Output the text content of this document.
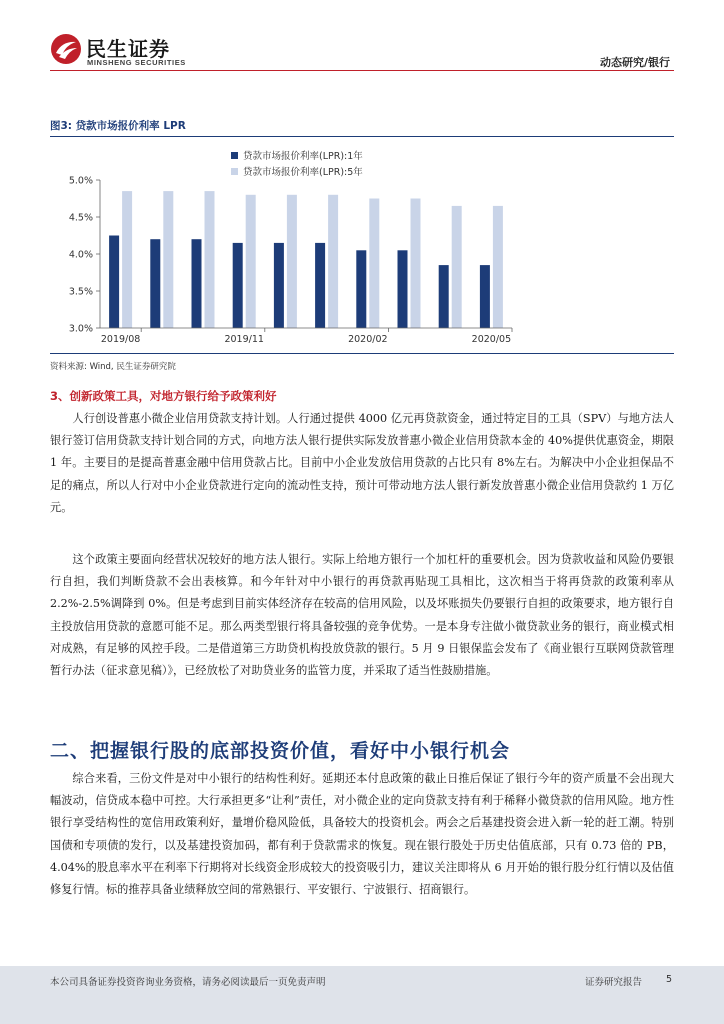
民生证券
MINSHENG SECURITIES	动态研究/银行
图3: 贷款市场报价利率 LPR
贷款市场报价利率(LPR):1年
贷款市场报价利率(LPR):5年
3.0%
3.5%
4.0%
4.5%
5.0%
2019/08	2019/11	2020/02	2020/05
资料来源: Wind, 民生证券研究院
3、创新政策工具，对地方银行给予政策利好
人行创设普惠小微企业信用贷款支持计划。人行通过提供 4000 亿元再贷款资金，通过特定目的工具（SPV）与地方法人银行签订信用贷款支持计划合同的方式，向地方法人银行提供实际发放普惠小微企业信用贷款本金的 40%提供优惠资金，期限 1 年。主要目的是提高普惠金融中信用贷款占比。目前中小企业发放信用贷款的占比只有 8%左右。为解决中小企业担保品不足的痛点，所以人行对中小企业贷款进行定向的流动性支持，预计可带动地方法人银行新发放普惠小微企业信用贷款约 1 万亿元。
这个政策主要面向经营状况较好的地方法人银行。实际上给地方银行一个加杠杆的重要机会。因为贷款收益和风险仍要银行自担，我们判断贷款不会出表核算。和今年针对中小银行的再贷款再贴现工具相比，这次相当于将再贷款的政策利率从 2.2%-2.5%调降到 0%。但是考虑到目前实体经济存在较高的信用风险，以及坏账损失仍要银行自担的政策要求，地方银行自主投放信用贷款的意愿可能不足。那么两类型银行将具备较强的竞争优势。一是本身专注做小微贷款业务的银行，商业模式相对成熟，有足够的风控手段。二是借道第三方助贷机构投放贷款的银行。5 月 9 日银保监会发布了《商业银行互联网贷款管理暂行办法（征求意见稿）》，已经放松了对助贷业务的监管力度，并采取了适当性鼓励措施。
二、把握银行股的底部投资价值，看好中小银行机会
综合来看，三份文件是对中小银行的结构性利好。延期还本付息政策的截止日推后保证了银行今年的资产质量不会出现大幅波动，信贷成本稳中可控。大行承担更多“让利”责任，对小微企业的定向贷款支持有利于稀释小微贷款的信用风险。地方性银行享受结构性的宽信用政策利好，量增价稳风险低，具备较大的投资机会。两会之后基建投资会进入新一轮的赶工潮。特别国债和专项债的发行，以及基建投资加码，都有利于贷款需求的恢复。现在银行股处于历史估值底部，只有 0.73 倍的 PB，4.04%的股息率水平在利率下行期将对长线资金形成较大的投资吸引力，建议关注即将从 6 月开始的银行股分红行情以及估值修复行情。标的推荐具备业绩释放空间的常熟银行、平安银行、宁波银行、招商银行。
本公司具备证券投资咨询业务资格，请务必阅读最后一页免责声明	证券研究报告	5
